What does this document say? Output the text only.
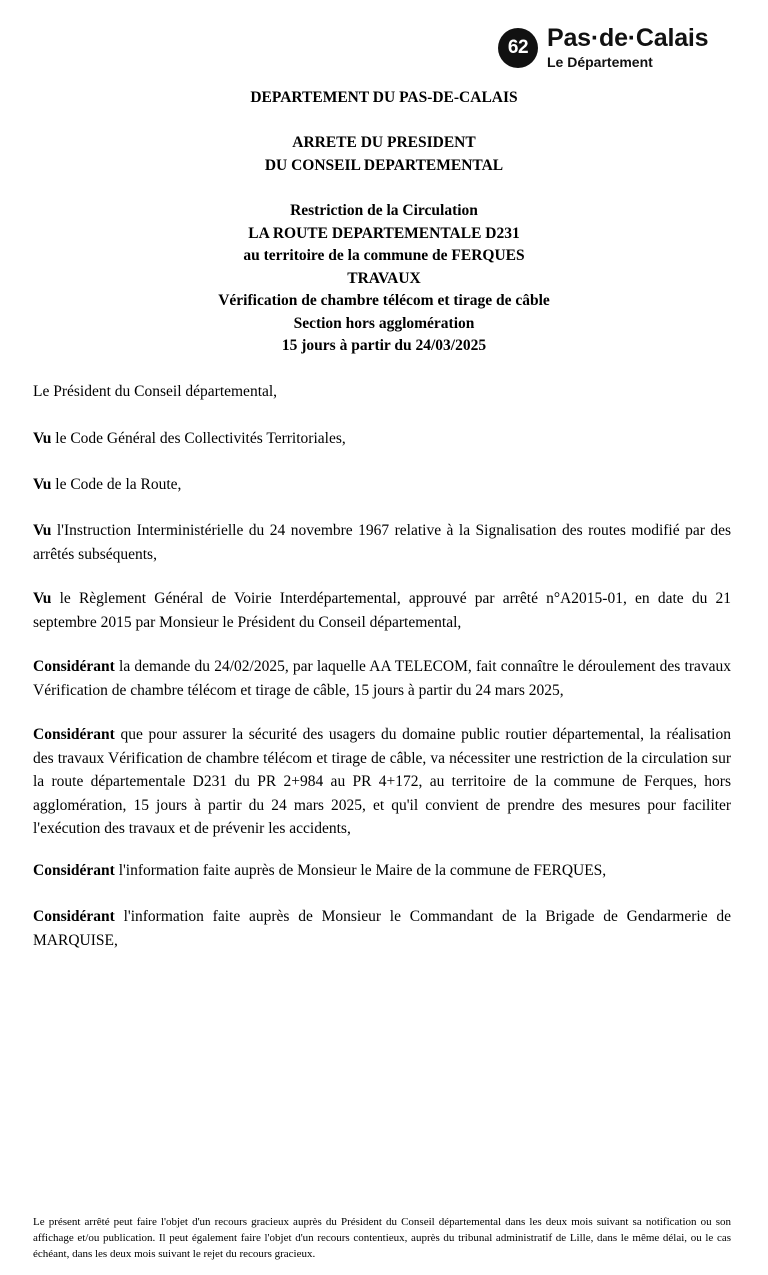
62 Pas·de·Calais
Le Département
DEPARTEMENT DU PAS-DE-CALAIS
ARRETE DU PRESIDENT
DU CONSEIL DEPARTEMENTAL
Restriction de la Circulation
LA ROUTE DEPARTEMENTALE D231
au territoire de la commune de FERQUES
TRAVAUX
Vérification de chambre télécom et tirage de câble
Section hors agglomération
15 jours à partir du 24/03/2025

Le Président du Conseil départemental,

Vu le Code Général des Collectivités Territoriales,

Vu le Code de la Route,

Vu l'Instruction Interministérielle du 24 novembre 1967 relative à la Signalisation des routes modifié par des arrêtés subséquents,

Vu le Règlement Général de Voirie Interdépartemental, approuvé par arrêté n°A2015-01, en date du 21 septembre 2015 par Monsieur le Président du Conseil départemental,

Considérant la demande du 24/02/2025, par laquelle AA TELECOM, fait connaître le déroulement des travaux Vérification de chambre télécom et tirage de câble, 15 jours à partir du 24 mars 2025,

Considérant que pour assurer la sécurité des usagers du domaine public routier départemental, la réalisation des travaux Vérification de chambre télécom et tirage de câble, va nécessiter une restriction de la circulation sur la route départementale D231 du PR 2+984 au PR 4+172, au territoire de la commune de Ferques, hors agglomération, 15 jours à partir du 24 mars 2025, et qu'il convient de prendre des mesures pour faciliter l'exécution des travaux et de prévenir les accidents,

Considérant l'information faite auprès de Monsieur le Maire de la commune de FERQUES,

Considérant l'information faite auprès de Monsieur le Commandant de la Brigade de Gendarmerie de MARQUISE,

Le présent arrêté peut faire l'objet d'un recours gracieux auprès du Président du Conseil départemental dans les deux mois suivant sa notification ou son affichage et/ou publication. Il peut également faire l'objet d'un recours contentieux, auprès du tribunal administratif de Lille, dans le même délai, ou le cas échéant, dans les deux mois suivant le rejet du recours gracieux.
